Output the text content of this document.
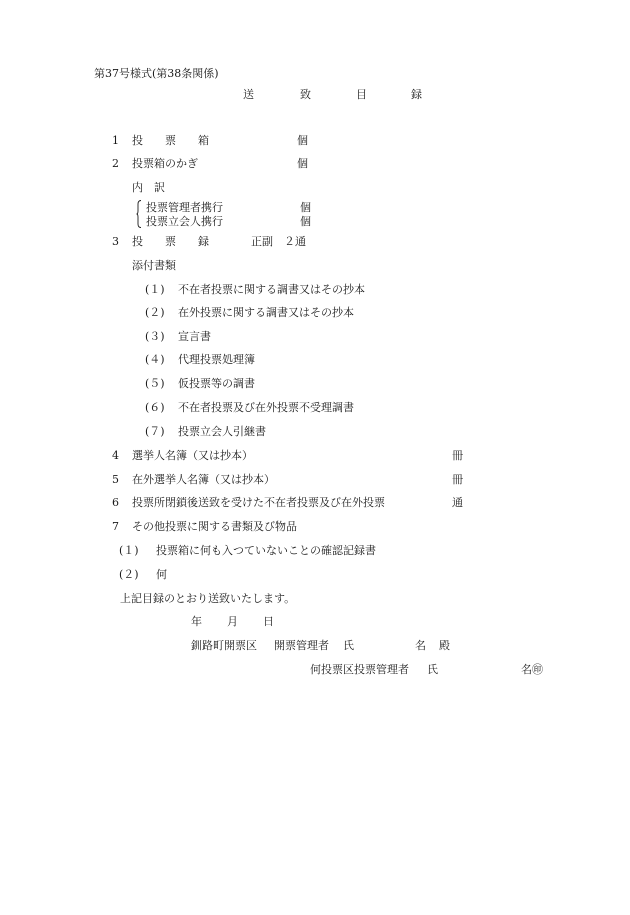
第37号様式(第38条関係)
送	致	目	録
1 投　　票　　箱	個
2 投票箱のかぎ	個
内　訳
投票管理者携行	個
投票立会人携行	個
3 投　　票　　録	正副　２通
添付書類
(１) 不在者投票に関する調書又はその抄本
(２) 在外投票に関する調書又はその抄本
(３) 宣言書
(４) 代理投票処理簿
(５) 仮投票等の調書
(６) 不在者投票及び在外投票不受理調書
(７) 投票立会人引継書
4 選挙人名簿（又は抄本）	冊
5 在外選挙人名簿（又は抄本）	冊
6 投票所閉鎖後送致を受けた不在者投票及び在外投票	通
7 その他投票に関する書類及び物品
(１) 投票箱に何も入つていないことの確認記録書
(２) 何
上記目録のとおり送致いたします。
年 月 日
釧路町開票区 開票管理者 氏	名 殿
何投票区投票管理者 氏	名㊞
